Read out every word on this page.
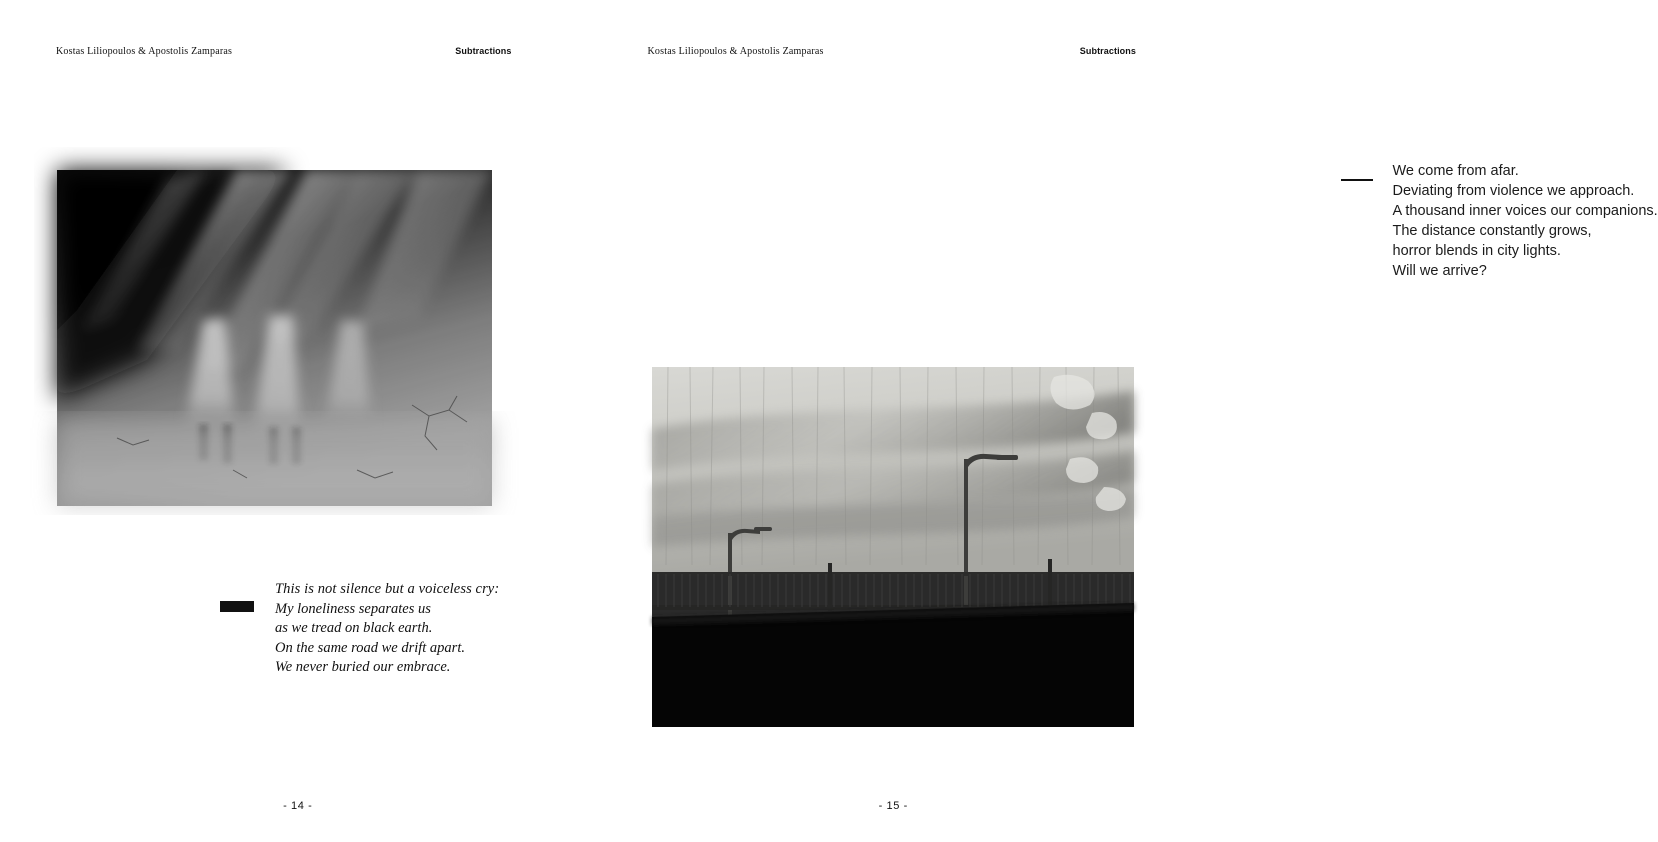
Kostas Liliopoulos & Apostolis Zamparas	Subtractions
This is not silence but a voiceless cry:
My loneliness separates us
as we tread on black earth.
On the same road we drift apart.
We never buried our embrace.
- 14 -
Kostas Liliopoulos & Apostolis Zamparas	Subtractions
We come from afar.
Deviating from violence we approach.
A thousand inner voices our companions.
The distance constantly grows,
horror blends in city lights.
Will we arrive?
- 15 -
